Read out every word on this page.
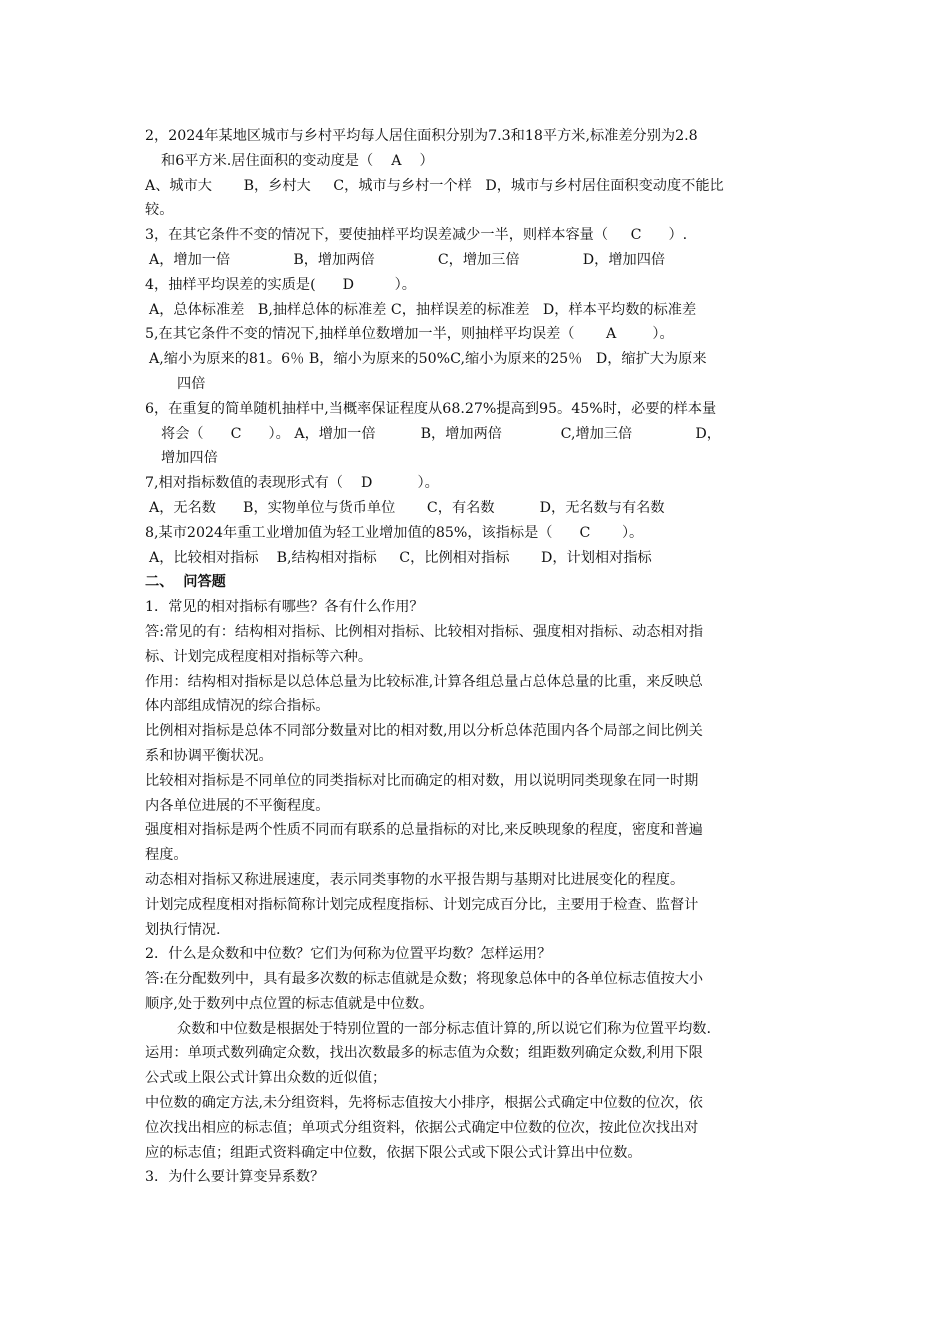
2，2024年某地区城市与乡村平均每人居住面积分别为7.3和18平方米,标准差分别为2.8
和6平方米.居住面积的变动度是（    A    ）
A、城市大       B，乡村大     C，城市与乡村一个样   D，城市与乡村居住面积变动度不能比
较。
3，在其它条件不变的情况下，要使抽样平均误差减少一半，则样本容量（     C      ）.
A，增加一倍              B，增加两倍              C，增加三倍              D，增加四倍
4，抽样平均误差的实质是(      D         ）。
A，总体标准差   B,抽样总体的标准差 C，抽样误差的标准差   D，样本平均数的标准差
5,在其它条件不变的情况下,抽样单位数增加一半，则抽样平均误差（       A        ）。
A,缩小为原来的81。6％ B，缩小为原来的50%C,缩小为原来的25％   D，缩扩大为原来
四倍
6，在重复的简单随机抽样中,当概率保证程度从68.27%提高到95。45%时，必要的样本量
将会（      C      ）。 A，增加一倍          B，增加两倍             C,增加三倍              D，
增加四倍
7,相对指标数值的表现形式有（    D          ）。
A，无名数      B，实物单位与货币单位       C，有名数          D，无名数与有名数
8,某市2024年重工业增加值为轻工业增加值的85%，该指标是（      C       ）。
A，比较相对指标    B,结构相对指标     C，比例相对指标       D，计划相对指标
二、  问答题
1．常见的相对指标有哪些？各有什么作用？
答:常见的有：结构相对指标、比例相对指标、比较相对指标、强度相对指标、动态相对指
标、计划完成程度相对指标等六种。
作用：结构相对指标是以总体总量为比较标准,计算各组总量占总体总量的比重，来反映总
体内部组成情况的综合指标。
比例相对指标是总体不同部分数量对比的相对数,用以分析总体范围内各个局部之间比例关
系和协调平衡状况。
比较相对指标是不同单位的同类指标对比而确定的相对数，用以说明同类现象在同一时期
内各单位进展的不平衡程度。
强度相对指标是两个性质不同而有联系的总量指标的对比,来反映现象的程度，密度和普遍
程度。
动态相对指标又称进展速度，表示同类事物的水平报告期与基期对比进展变化的程度。
计划完成程度相对指标简称计划完成程度指标、计划完成百分比，主要用于检查、监督计
划执行情况.
2．什么是众数和中位数？它们为何称为位置平均数？怎样运用？
答:在分配数列中，具有最多次数的标志值就是众数；将现象总体中的各单位标志值按大小
顺序,处于数列中点位置的标志值就是中位数。
众数和中位数是根据处于特别位置的一部分标志值计算的,所以说它们称为位置平均数.
运用：单项式数列确定众数，找出次数最多的标志值为众数；组距数列确定众数,利用下限
公式或上限公式计算出众数的近似值；
中位数的确定方法,未分组资料，先将标志值按大小排序，根据公式确定中位数的位次，依
位次找出相应的标志值；单项式分组资料，依据公式确定中位数的位次，按此位次找出对
应的标志值；组距式资料确定中位数，依据下限公式或下限公式计算出中位数。
3．为什么要计算变异系数？
